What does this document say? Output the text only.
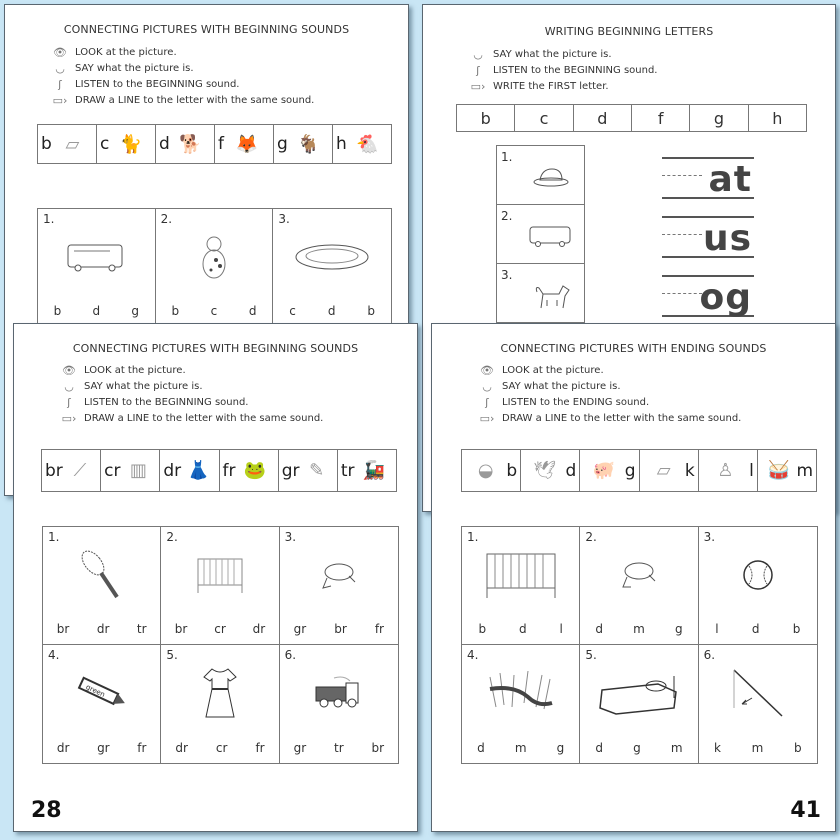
CONNECTING PICTURES WITH BEGINNING SOUNDS
👁 LOOK at the picture.
◡	SAY what the picture is.
ʃ	LISTEN to the BEGINNING sound.
▭› DRAW a LINE to the letter with the same sound.
b ▱	c 🐈	d 🐕 f 🦊	g 🐐 h 🐔
1.
b	d	g
2.
b	c	d
3.
c	d	b
WRITING BEGINNING LETTERS
◡	SAY what the picture is.
ʃ	LISTEN to the BEGINNING sound.
▭› WRITE the FIRST letter.
b	c	d	f	g	h
1.
2.
3.
at
us
og
CONNECTING PICTURES WITH BEGINNING SOUNDS
👁 LOOK at the picture.
◡	SAY what the picture is.
ʃ	LISTEN to the BEGINNING sound.
▭› DRAW a LINE to the letter with the same sound.
br ⟋	cr ▥ dr 👗 fr 🐸 gr ✎ tr 🚂
1.
br dr tr
2.
br cr dr
3.
gr br fr
4.
green
dr gr fr
5.
dr cr fr
6.
gr tr br
28
CONNECTING PICTURES WITH ENDING SOUNDS
👁 LOOK at the picture.
◡	SAY what the picture is.
ʃ	LISTEN to the ENDING sound.
▭› DRAW a LINE to the letter with the same sound.
◒ b 🕊 d 🐖 g	▱ k	♙ l 🥁 m
1.
b	d	l
2.
d	m	g
3.
l	d	b
4.
d	m	g
5.
d	g	m
6.
k	m	b
41
